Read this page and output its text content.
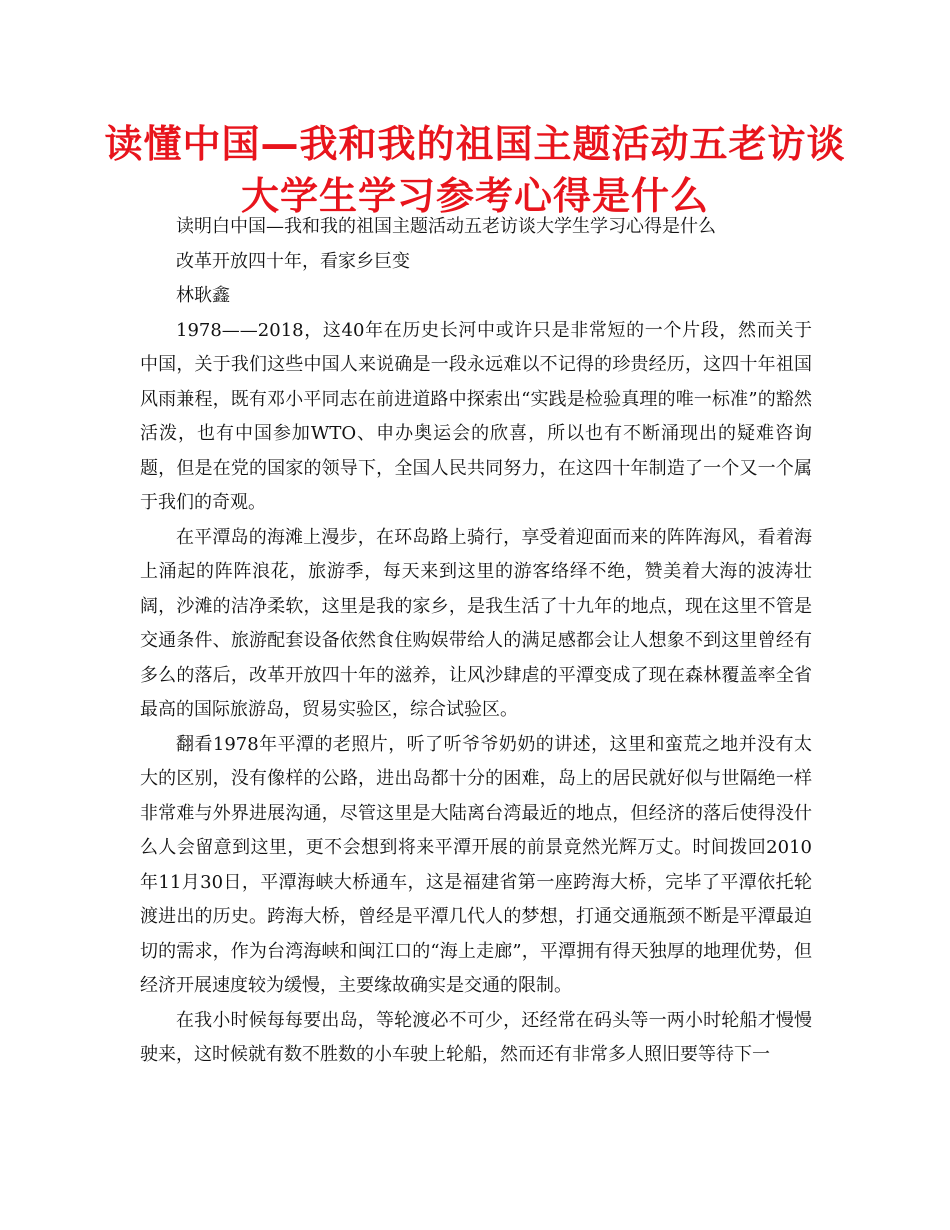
读懂中国—我和我的祖国主题活动五老访谈大学生学习参考心得是什么

读明白中国—我和我的祖国主题活动五老访谈大学生学习心得是什么

改革开放四十年，看家乡巨变

林耿鑫

1978——2018，这40年在历史长河中或许只是非常短的一个片段，然而关于中国，关于我们这些中国人来说确是一段永远难以不记得的珍贵经历，这四十年祖国风雨兼程，既有邓小平同志在前进道路中探索出“实践是检验真理的唯一标准”的豁然活泼，也有中国参加WTO、申办奥运会的欣喜，所以也有不断涌现出的疑难咨询题，但是在党的国家的领导下，全国人民共同努力，在这四十年制造了一个又一个属于我们的奇观。

在平潭岛的海滩上漫步，在环岛路上骑行，享受着迎面而来的阵阵海风，看着海上涌起的阵阵浪花，旅游季，每天来到这里的游客络绎不绝，赞美着大海的波涛壮阔，沙滩的洁净柔软，这里是我的家乡，是我生活了十九年的地点，现在这里不管是交通条件、旅游配套设备依然食住购娱带给人的满足感都会让人想象不到这里曾经有多么的落后，改革开放四十年的滋养，让风沙肆虐的平潭变成了现在森林覆盖率全省最高的国际旅游岛，贸易实验区，综合试验区。

翻看1978年平潭的老照片，听了听爷爷奶奶的讲述，这里和蛮荒之地并没有太大的区别，没有像样的公路，进出岛都十分的困难，岛上的居民就好似与世隔绝一样非常难与外界进展沟通，尽管这里是大陆离台湾最近的地点，但经济的落后使得没什么人会留意到这里，更不会想到将来平潭开展的前景竟然光辉万丈。时间拨回2010年11月30日，平潭海峡大桥通车，这是福建省第一座跨海大桥，完毕了平潭依托轮渡进出的历史。跨海大桥，曾经是平潭几代人的梦想，打通交通瓶颈不断是平潭最迫切的需求，作为台湾海峡和闽江口的“海上走廊”，平潭拥有得天独厚的地理优势，但经济开展速度较为缓慢，主要缘故确实是交通的限制。

在我小时候每每要出岛，等轮渡必不可少，还经常在码头等一两小时轮船才慢慢驶来，这时候就有数不胜数的小车驶上轮船，然而还有非常多人照旧要等待下一
